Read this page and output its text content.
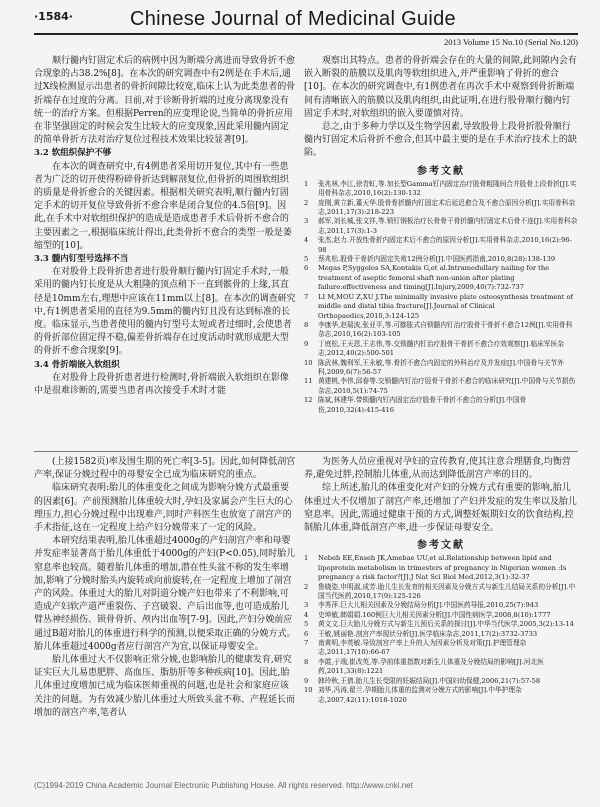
·1584·	Chinese Journal of Medicinal Guide
2013 Volume 15 No.10 (Serial No.120)

顺行髓内钉固定术后的病例中因为断端分离进而导致骨折不愈合现象的占38.2%[8]。在本次的研究调查中有2例是在手术后,通过X线检测显示出患者的骨折间隙比较宽,临床上认为此类患者的骨折端存在过度的分离。目前,对于诊断骨折端的过度分离现象没有统一的治疗方案。但根据Perren的应变理论说,当简单的骨折应用在非坚强固定的时候会发生比较大的应变现象,因此采用髓内固定的简单骨折方法对治疗复位过程技术效果比较显著[9]。

3.2 软组织保护不够

在本次的调查研究中,有4例患者采用切开复位,其中有一些患者为广泛的切开使得粉碎骨折达到解剖复位,但骨折的周围软组织的质量是骨折愈合的关键因素。根据相关研究表明,顺行髓内钉固定手术的切开复位导致骨折不愈合率是闭合复位的4.5倍[9]。因此,在手术中对软组织保护的造成是造成患者手术后骨折不愈合的主要因素之一,根据临床统计得出,此类骨折不愈合的类型一般是萎缩型的[10]。

3.3 髓内钉型号选择不当

在对股骨上段骨折患者进行股骨顺行髓内钉固定手术时,一般采用的髓内钉长度是从大粗隆的顶点稍下一直到髌骨的上缘,其直径是10mm左右,理想中应该在11mm以上[8]。在本次的调查研究中,有1例患者采用的直径为9.5mm的髓内钉且没有达到标准的长度。临床显示,当患者使用的髓内钉型号太短或者过细时,会使患者的骨折部位固定得不稳,偏差骨折端存在过度活动时就形成肥大型的骨折不愈合现象[9]。

3.4 骨折端嵌入软组织

在对股骨上段骨折患者进行检测时,骨折端嵌入软组织在影像中是很难诊断的,需要当患者再次接受手术时才能

观察出其特点。患者的骨折端会存在的大量的间隙,此间隙内会有嵌入断裂的筋膜以及肌肉等软组织进入,并严重影响了骨折的愈合[10]。在本次的研究调查中,有1例患者在再次手术中观察到骨折断端间有清晰嵌入的筋膜以及肌肉组织,由此证明,在进行股骨顺行髓内钉固定手术时,对软组织的嵌入要谨慎对待。

总之,由于多种力学以及生物学因素,导致股骨上段骨折股骨顺行髓内钉固定术后骨折不愈合,但其中最主要的是在手术治疗技术上的缺陷。

参考文献
1	张兆林,李江,徐青虹,等.加长型Gamma钉内固定治疗股骨粗隆间合并股骨上段骨折[J].实用骨科杂志,2010,16(2):130-132
2	庞刚,黄立新,董天华.股骨骨折髓内钉固定术后延迟愈合及不愈合原因分析[J].实用骨科杂志,2011,17(3):218-223
3	郝军,刘长城,张文祥,等.锁钉钢板治疗长骨骨干骨折髓内钉固定术后骨不连[J].实用骨科杂志,2011,17(3):1-3
4	张杰,赵力.开放性骨折内固定术后不愈合的原因分析[J].实用骨科杂志,2010,16(2):96-98
5	蔡兆松.股骨干骨折内固定失败12例分析[J].中国医药指南,2010,8(28):138-139
6	Megas P,Syggelos SA,Kontakis G,et al.Intramedullary nailing for the treatment of aseptic femoral shaft non-union after plating failure:effectiveness and timing[J].Injury,2009,40(7):732-737
7	LI M,MOU Z,XU J.The minimally invasive plate osteosynthesis treatment of middle and distal tibia fracture[J].Journal of Clinical Orthopaedics,2010,3:124-125
8	李康华,赵瑞波,张亚平,等.可膨胀式自锁髓内钉治疗股骨干骨折不愈合12例[J].实用骨科杂志,2010,16(2):103-105
9	丁庭松,王天恩,王志伟,等.交锁髓内钉治疗股骨干骨折不愈合疗效观察[J].临床军医杂志,2012,40(2):500-501
10 陈武林,魏利军,王永敏,等.骨折不愈合内固定的外科治疗及并发症[J].中国骨与关节外科,2009,6(7):56-57
11 黄建桃,李伟,邱春等.交锁髓内钉治疗胫骨干骨折不愈合的临床研究[J].中国骨与关节损伤杂志,2010,5(1):74-75
12 陈斌,林建华.带锁髓内钉内固定治疗股骨干骨折不愈合的分析[J].中国骨伤,2010,32(4):415-416

(上接1582页)率及围生期的死亡率[3-5]。因此,如何降低剖宫产率,保证分娩过程中的母婴安全已成为临床研究的重点。

临床研究表明:胎儿的体重变化之间成为影响分娩方式最重要的因素[6]。产前预测胎儿体重较大时,孕妇及家属会产生巨大的心理压力,担心分娩过程中出现难产,同时产科医生也放宽了剖宫产的手术指征,这在一定程度上给产妇分娩带来了一定的风险。

本研究结果表明,胎儿体重超过4000g的产妇剖宫产率和母婴并发症率显著高于胎儿体重低于4000g的产妇(P<0.05),同时胎儿窒息率也较高。随着胎儿体重的增加,潜在性头盆不称的发生率增加,影响了分娩时胎头内旋转或向前旋转,在一定程度上增加了剖宫产的风险。体重过大的胎儿对阴道分娩产妇也带来了不利影响,可造成产妇软产道严重裂伤、子宫破裂、产后出血等,也可造成胎儿臂丛神经损伤、锁骨骨折、颅内出血等[7-9]。因此,产妇分娩前应通过B超对胎儿的体重进行科学的预测,以便采取正确的分娩方式。胎儿体重超过4000g者应行剖宫产为宜,以保证母婴安全。

胎儿体重过大不仅影响正常分娩,也影响胎儿的健康发育,研究证实巨大儿易患肥胖、高血压、脂肪肝等多种疾病[10]。因此,胎儿体重过度增加已成为临床医师重视的问题,也是社会和家庭应该关注的问题。为有效减少胎儿体重过大所致头盆不称、产程延长而增加的剖宫产率,笔者认

为医务人员应重视对孕妇的宣传教育,使其注意合理膳食,均衡营养,避免过胖,控制胎儿体重,从而达到降低剖宫产率的目的。

综上所述,胎儿的体重变化对产妇的分娩方式有重要的影响,胎儿体重过大不仅增加了剖宫产率,还增加了产妇并发症的发生率以及胎儿窒息率。因此,需通过健康干预的方式,调整妊娠期妇女的饮食结构,控制胎儿体重,降低剖宫产率,进一步保证母婴安全。

参考文献
1	Nebeb EE,Enseh JK,Amebae UU,et al.Relationship between lipid and lipoprotein metabolism in trimesters of pregnancy in Nigerian women :Is pregnancy a risk factor?[J].J Nat Sci Biol Med,2012,3(1):32-37
2	鲁晓姿,申明淑,成芳.胎儿生长发育的相关因素及分娩方式与新生儿结局关系的分析[J].中国当代医药,2010,17(9):125-126
3	李秀萍.巨大儿相关因素及分娩结局分析[J].中国医药导报,2010,25(7):943
4	史坤敏,韩娟娟.160例巨大儿相关因素分析[J].中国性病医学,2008,8(10):1777
5	黄文文.巨大胎儿分娩方式与新生儿预后关系的探讨[J].中华当代医学,2005,3(2):13-14
6	王敏,姚丽艳.剖宫产率现状分析[J].医学临床杂志,2011,17(2):3732-3733
7	南黄明,李英敏.导致剖宫产率上升的人为因素分析及对策[J].护理管理杂志,2011,17(10):66-67
8	李霞,于端,崔改英,等.孕前体重指数对新生儿体重及分娩结局的影响[J].河北医药,2011,33(8):1221
9	韩玲秋,王倩.胎儿生长受限的妊娠结局[J].中国妇幼保健,2006,21(7):57-58
10 刘华,冯涛,翟兰.孕期胎儿体重的监测对分娩方式的影响[J].中华护理杂志,2007,42(11):1018-1020
(C)1994-2019 China Academic Journal Electronic Publishing House. All rights reserved. http://www.cnki.net
